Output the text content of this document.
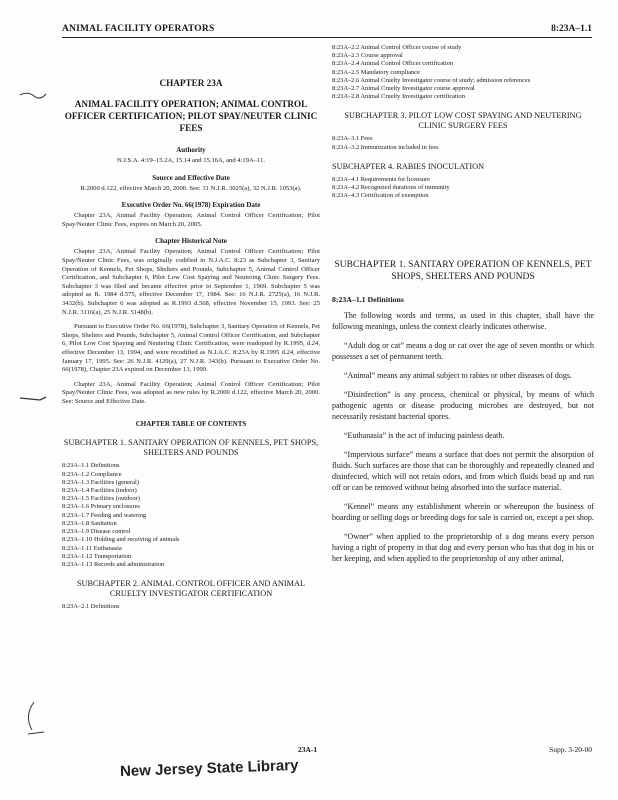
ANIMAL FACILITY OPERATORS	8:23A–1.1
CHAPTER 23A
ANIMAL FACILITY OPERATION; ANIMAL CONTROL OFFICER CERTIFICATION; PILOT SPAY/NEUTER CLINIC FEES
Authority
N.J.S.A. 4:19–15.2A, 15.14 and 15.16A, and 4:19A–11.
Source and Effective Date
R.2000 d.122, effective March 20, 2000. See: 31 N.J.R. 3025(a), 32 N.J.R. 1053(a).
Executive Order No. 66(1978) Expiration Date
Chapter 23A, Animal Facility Operation; Animal Control Officer Certification; Pilot Spay/Neuter Clinic Fees, expires on March 20, 2005.
Chapter Historical Note
Chapter 23A, Animal Facility Operation; Animal Control Officer Certification; Pilot Spay/Neuter Clinic Fees, was originally codified in N.J.A.C. 8:23 as Subchapter 3, Sanitary Operation of Kennels, Pet Shops, Shelters and Pounds, Subchapter 5, Animal Control Officer Certification, and Subchapter 6, Pilot Low Cost Spaying and Neutering Clinic Surgery Fees. Subchapter 3 was filed and became effective prior to September 1, 1969. Subchapter 5 was adopted as R. 1984 d.575, effective December 17, 1984. See: 16 N.J.R. 2725(a), 16 N.J.R. 3432(b). Subchapter 6 was adopted as R.1993 d.568, effective November 15, 1993. See: 25 N.J.R. 3116(a), 25 N.J.R. 5148(b).
Pursuant to Executive Order No. 66(1978), Subchapter 3, Sanitary Operation of Kennels, Pet Shops, Shelters and Pounds, Subchapter 5, Animal Control Officer Certification, and Subchapter 6, Pilot Low Cost Spaying and Neutering Clinic Certification, were readopted by R.1995, d.24, effective December 13, 1994, and were recodified as N.J.A.C. 8:23A by R.1995 d.24, effective January 17, 1995. See: 26 N.J.R. 4129(a), 27 N.J.R. 343(b). Pursuant to Executive Order No. 66(1978), Chapter 23A expired on December 13, 1999.
Chapter 23A, Animal Facility Operation; Animal Control Officer Certification; Pilot Spay/Neuter Clinic Fees, was adopted as new rules by R.2000 d.122, effective March 20, 2000. See: Source and Effective Date.
CHAPTER TABLE OF CONTENTS
SUBCHAPTER 1. SANITARY OPERATION OF KENNELS, PET SHOPS, SHELTERS AND POUNDS
8:23A–1.1 Definitions
8:23A–1.2 Compliance
8:23A–1.3 Facilities (general)
8:23A–1.4 Facilities (indoor)
8:23A–1.5 Facilities (outdoor)
8:23A–1.6 Primary enclosures
8:23A–1.7 Feeding and watering
8:23A–1.8 Sanitation
8:23A–1.9 Disease control
8:23A–1.10 Holding and receiving of animals
8:23A–1.11 Euthanasia
8:23A–1.12 Transportation
8:23A–1.13 Records and administration
SUBCHAPTER 2. ANIMAL CONTROL OFFICER AND ANIMAL CRUELTY INVESTIGATOR CERTIFICATION
8:23A–2.1 Definitions
8:23A–2.2 Animal Control Officer course of study
8:23A–2.3 Course approval
8:23A–2.4 Animal Control Officer certification
8:23A–2.5 Mandatory compliance
8:23A–2.6 Animal Cruelty Investigator course of study; admission references
8:23A–2.7 Animal Cruelty Investigator course approval
8:23A–2.8 Animal Cruelty Investigator certification
SUBCHAPTER 3. PILOT LOW COST SPAYING AND NEUTERING CLINIC SURGERY FEES
8:23A–3.1 Fees
8:23A–3.2 Immunization included in fees
SUBCHAPTER 4. RABIES INOCULATION
8:23A–4.1 Requirements for licensure
8:23A–4.2 Recognized durations of immunity
8:23A–4.3 Certification of exemption
SUBCHAPTER 1. SANITARY OPERATION OF KENNELS, PET SHOPS, SHELTERS AND POUNDS
8:23A–1.1 Definitions
The following words and terms, as used in this chapter, shall have the following meanings, unless the context clearly indicates otherwise.
“Adult dog or cat” means a dog or cat over the age of seven months or which possesses a set of permanent teeth.
“Animal” means any animal subject to rabies or other diseases of dogs.
“Disinfection” is any process, chemical or physical, by means of which pathogenic agents or disease producing microbes are destroyed, but not necessarily resistant bacterial spores.
“Euthanasia” is the act of inducing painless death.
“Impervious surface” means a surface that does not permit the absorption of fluids. Such surfaces are those that can be thoroughly and repeatedly cleaned and disinfected, which will not retain odors, and from which fluids bead up and run off or can be removed without being absorbed into the surface material.
“Kennel” means any establishment wherein or whereupon the business of boarding or selling dogs or breeding dogs for sale is carried on, except a pet shop.
“Owner” when applied to the proprietorship of a dog means every person having a right of property in that dog and every person who has that dog in his or her keeping, and when applied to the proprietorship of any other animal,
23A-1	Supp. 3-20-00
New Jersey State Library
